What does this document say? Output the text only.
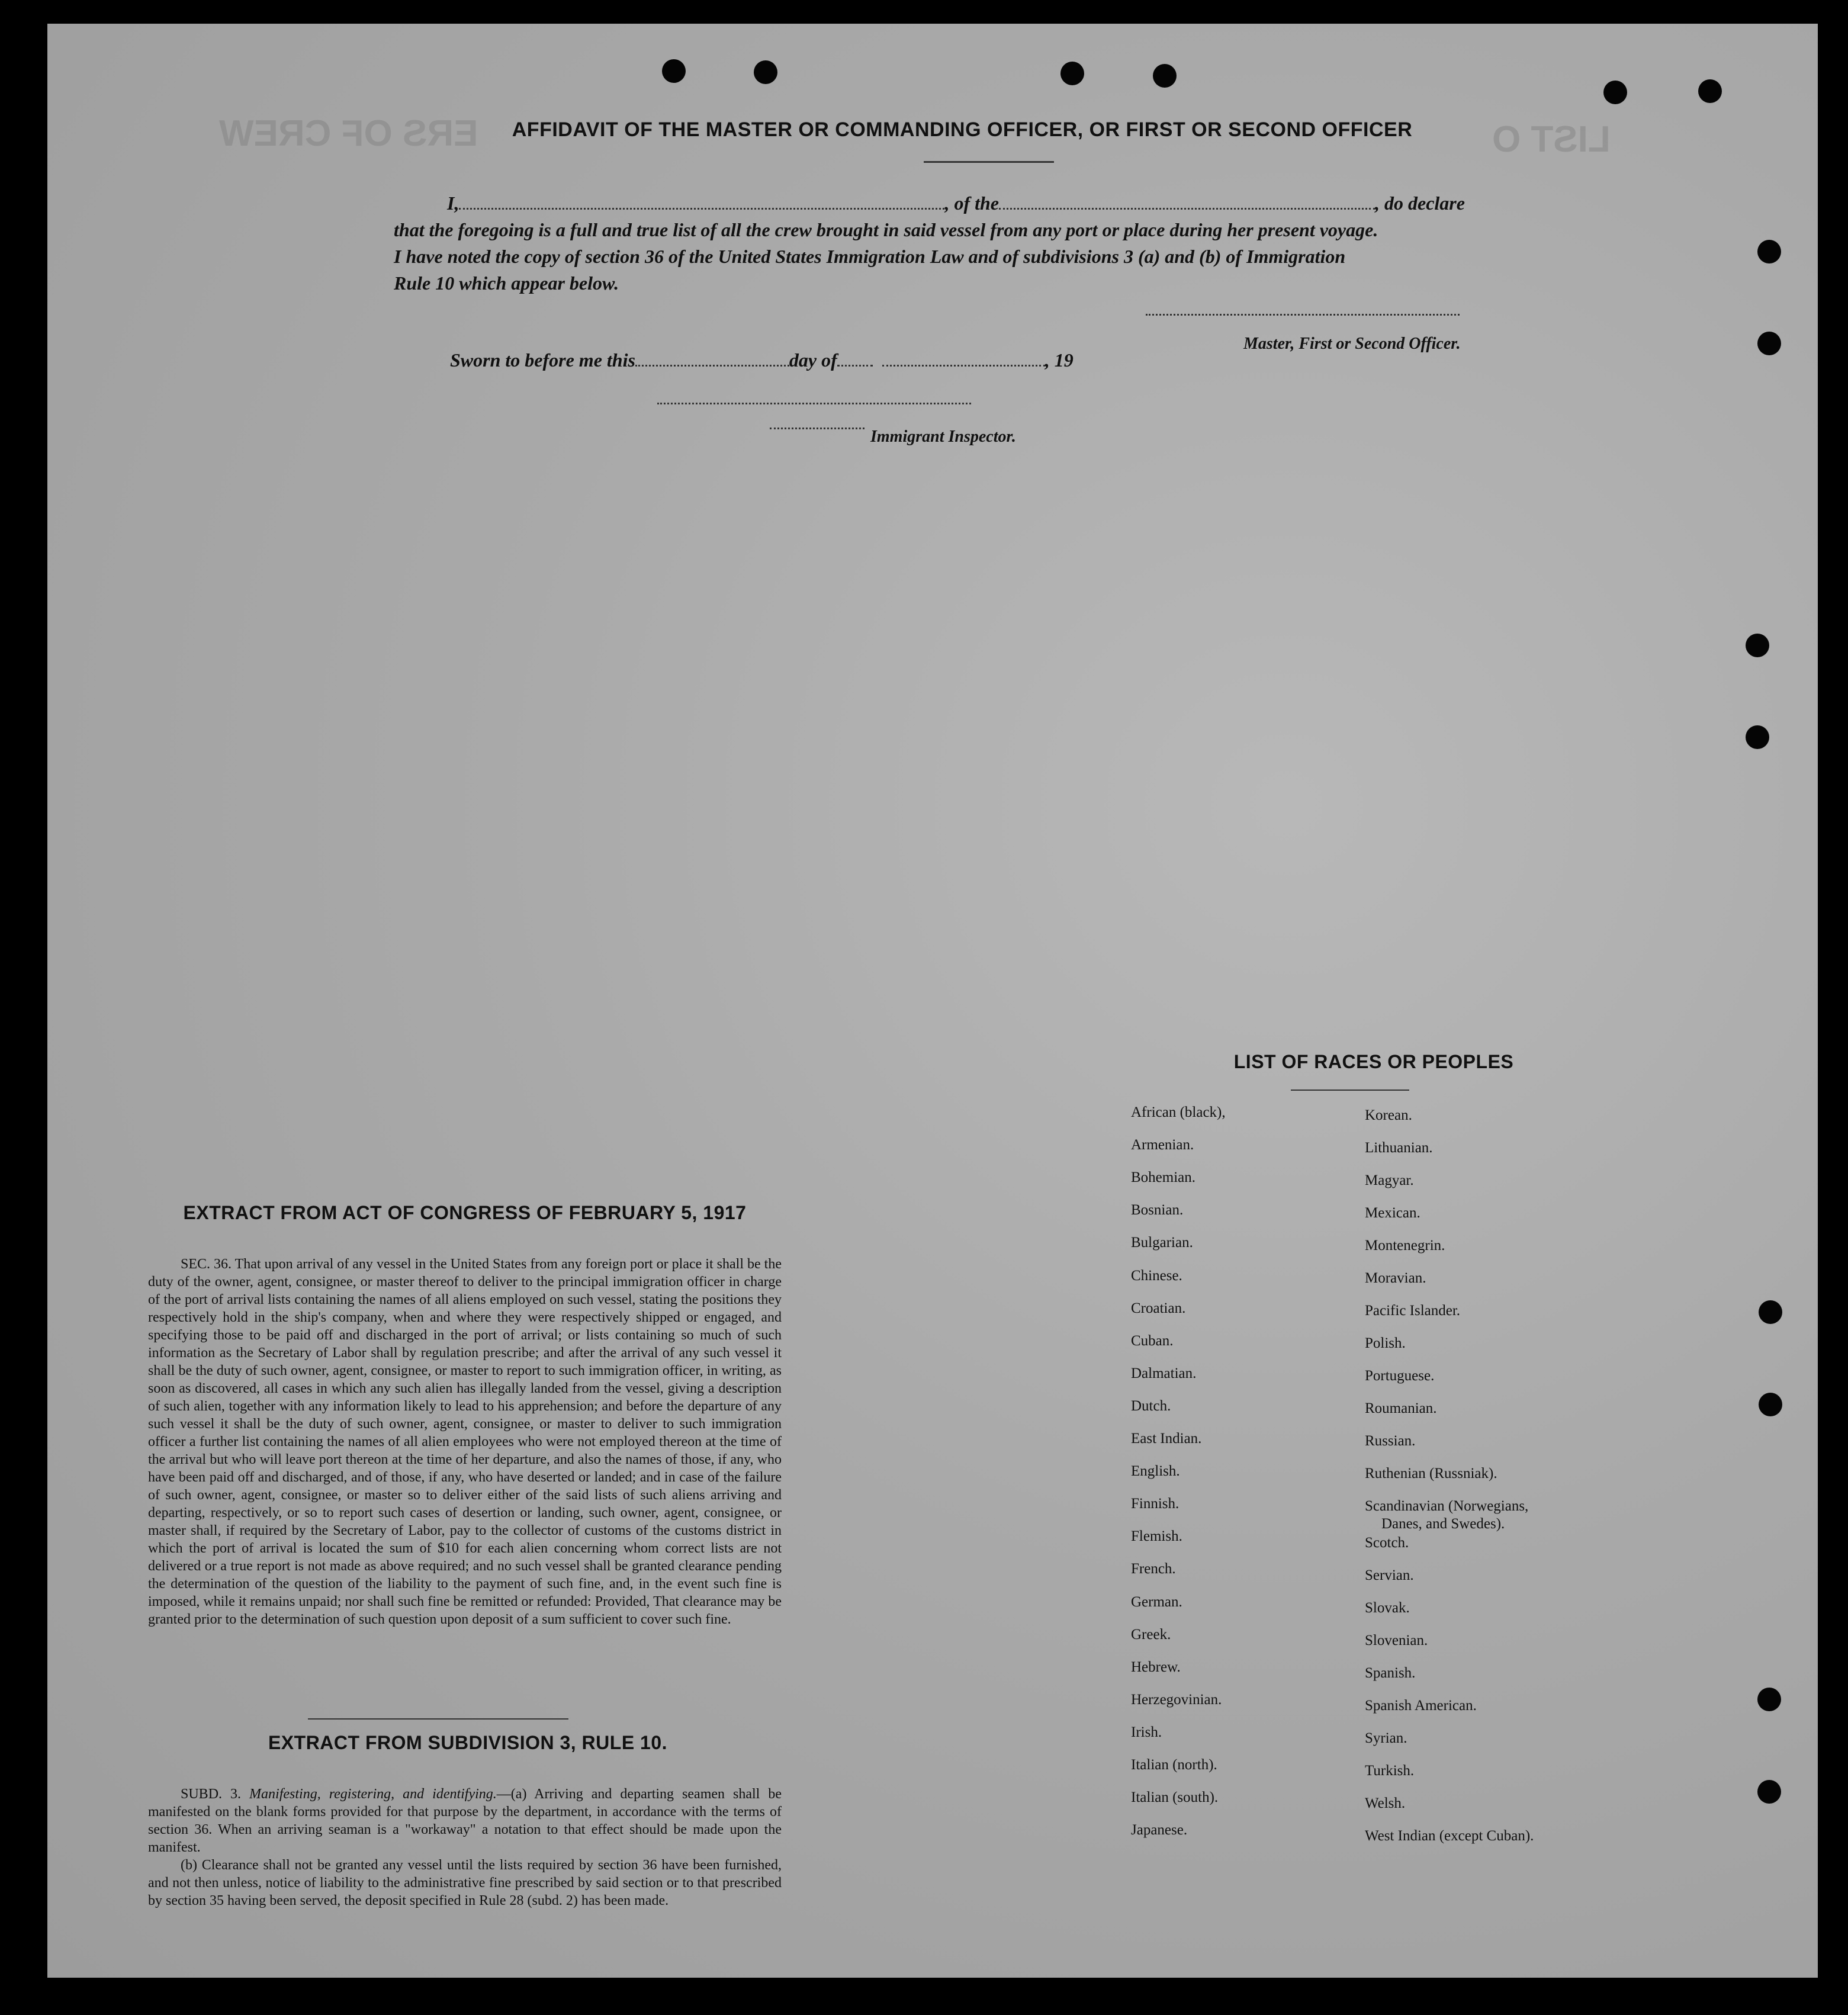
ERS OF CREW	LIST O
AFFIDAVIT OF THE MASTER OR COMMANDING OFFICER, OR FIRST OR SECOND OFFICER
I,	, of the	, do declare
that the foregoing is a full and true list of all the crew brought in said vessel from any port or place during her present voyage.
I have noted the copy of section 36 of the United States Immigration Law and of subdivisions 3 (a) and (b) of Immigration
Rule 10 which appear below.
Master, First or Second Officer.
Sworn to before me this	day of	, 19
Immigrant Inspector.
EXTRACT FROM ACT OF CONGRESS OF FEBRUARY 5, 1917
SEC. 36. That upon arrival of any vessel in the United States from any foreign port or place it shall be the duty of the owner, agent, consignee, or master thereof to deliver to the principal immigration officer in charge of the port of arrival lists containing the names of all aliens employed on such vessel, stating the positions they respectively hold in the ship's company, when and where they were respectively shipped or engaged, and specifying those to be paid off and discharged in the port of arrival; or lists containing so much of such information as the Secretary of Labor shall by regulation prescribe; and after the arrival of any such vessel it shall be the duty of such owner, agent, consignee, or master to report to such immigration officer, in writing, as soon as discovered, all cases in which any such alien has illegally landed from the vessel, giving a description of such alien, together with any information likely to lead to his apprehension; and before the departure of any such vessel it shall be the duty of such owner, agent, consignee, or master to deliver to such immigration officer a further list containing the names of all alien employees who were not employed thereon at the time of the arrival but who will leave port thereon at the time of her departure, and also the names of those, if any, who have been paid off and discharged, and of those, if any, who have deserted or landed; and in case of the failure of such owner, agent, consignee, or master so to deliver either of the said lists of such aliens arriving and departing, respectively, or so to report such cases of desertion or landing, such owner, agent, consignee, or master shall, if required by the Secretary of Labor, pay to the collector of customs of the customs district in which the port of arrival is located the sum of $10 for each alien concerning whom correct lists are not delivered or a true report is not made as above required; and no such vessel shall be granted clearance pending the determination of the question of the liability to the payment of such fine, and, in the event such fine is imposed, while it remains unpaid; nor shall such fine be remitted or refunded: Provided, That clearance may be granted prior to the determination of such question upon deposit of a sum sufficient to cover such fine.
EXTRACT FROM SUBDIVISION 3, RULE 10.
SUBD. 3. Manifesting, registering, and identifying.—(a) Arriving and departing seamen shall be manifested on the blank forms provided for that purpose by the department, in accordance with the terms of section 36. When an arriving seaman is a "workaway" a notation to that effect should be made upon the manifest.
(b) Clearance shall not be granted any vessel until the lists required by section 36 have been furnished, and not then unless, notice of liability to the administrative fine prescribed by said section or to that prescribed by section 35 having been served, the deposit specified in Rule 28 (subd. 2) has been made.
LIST OF RACES OR PEOPLES
African (black),
Armenian.
Bohemian.
Bosnian.
Bulgarian.
Chinese.
Croatian.
Cuban.
Dalmatian.
Dutch.
East Indian.
English.
Finnish.
Flemish.
French.
German.
Greek.
Hebrew.
Herzegovinian.
Irish.
Italian (north).
Italian (south).
Japanese.
Korean.
Lithuanian.
Magyar.
Mexican.
Montenegrin.
Moravian.
Pacific Islander.
Polish.
Portuguese.
Roumanian.
Russian.
Ruthenian (Russniak).
Scandinavian (Norwegians,
Danes, and Swedes).
Scotch.
Servian.
Slovak.
Slovenian.
Spanish.
Spanish American.
Syrian.
Turkish.
Welsh.
West Indian (except Cuban).
